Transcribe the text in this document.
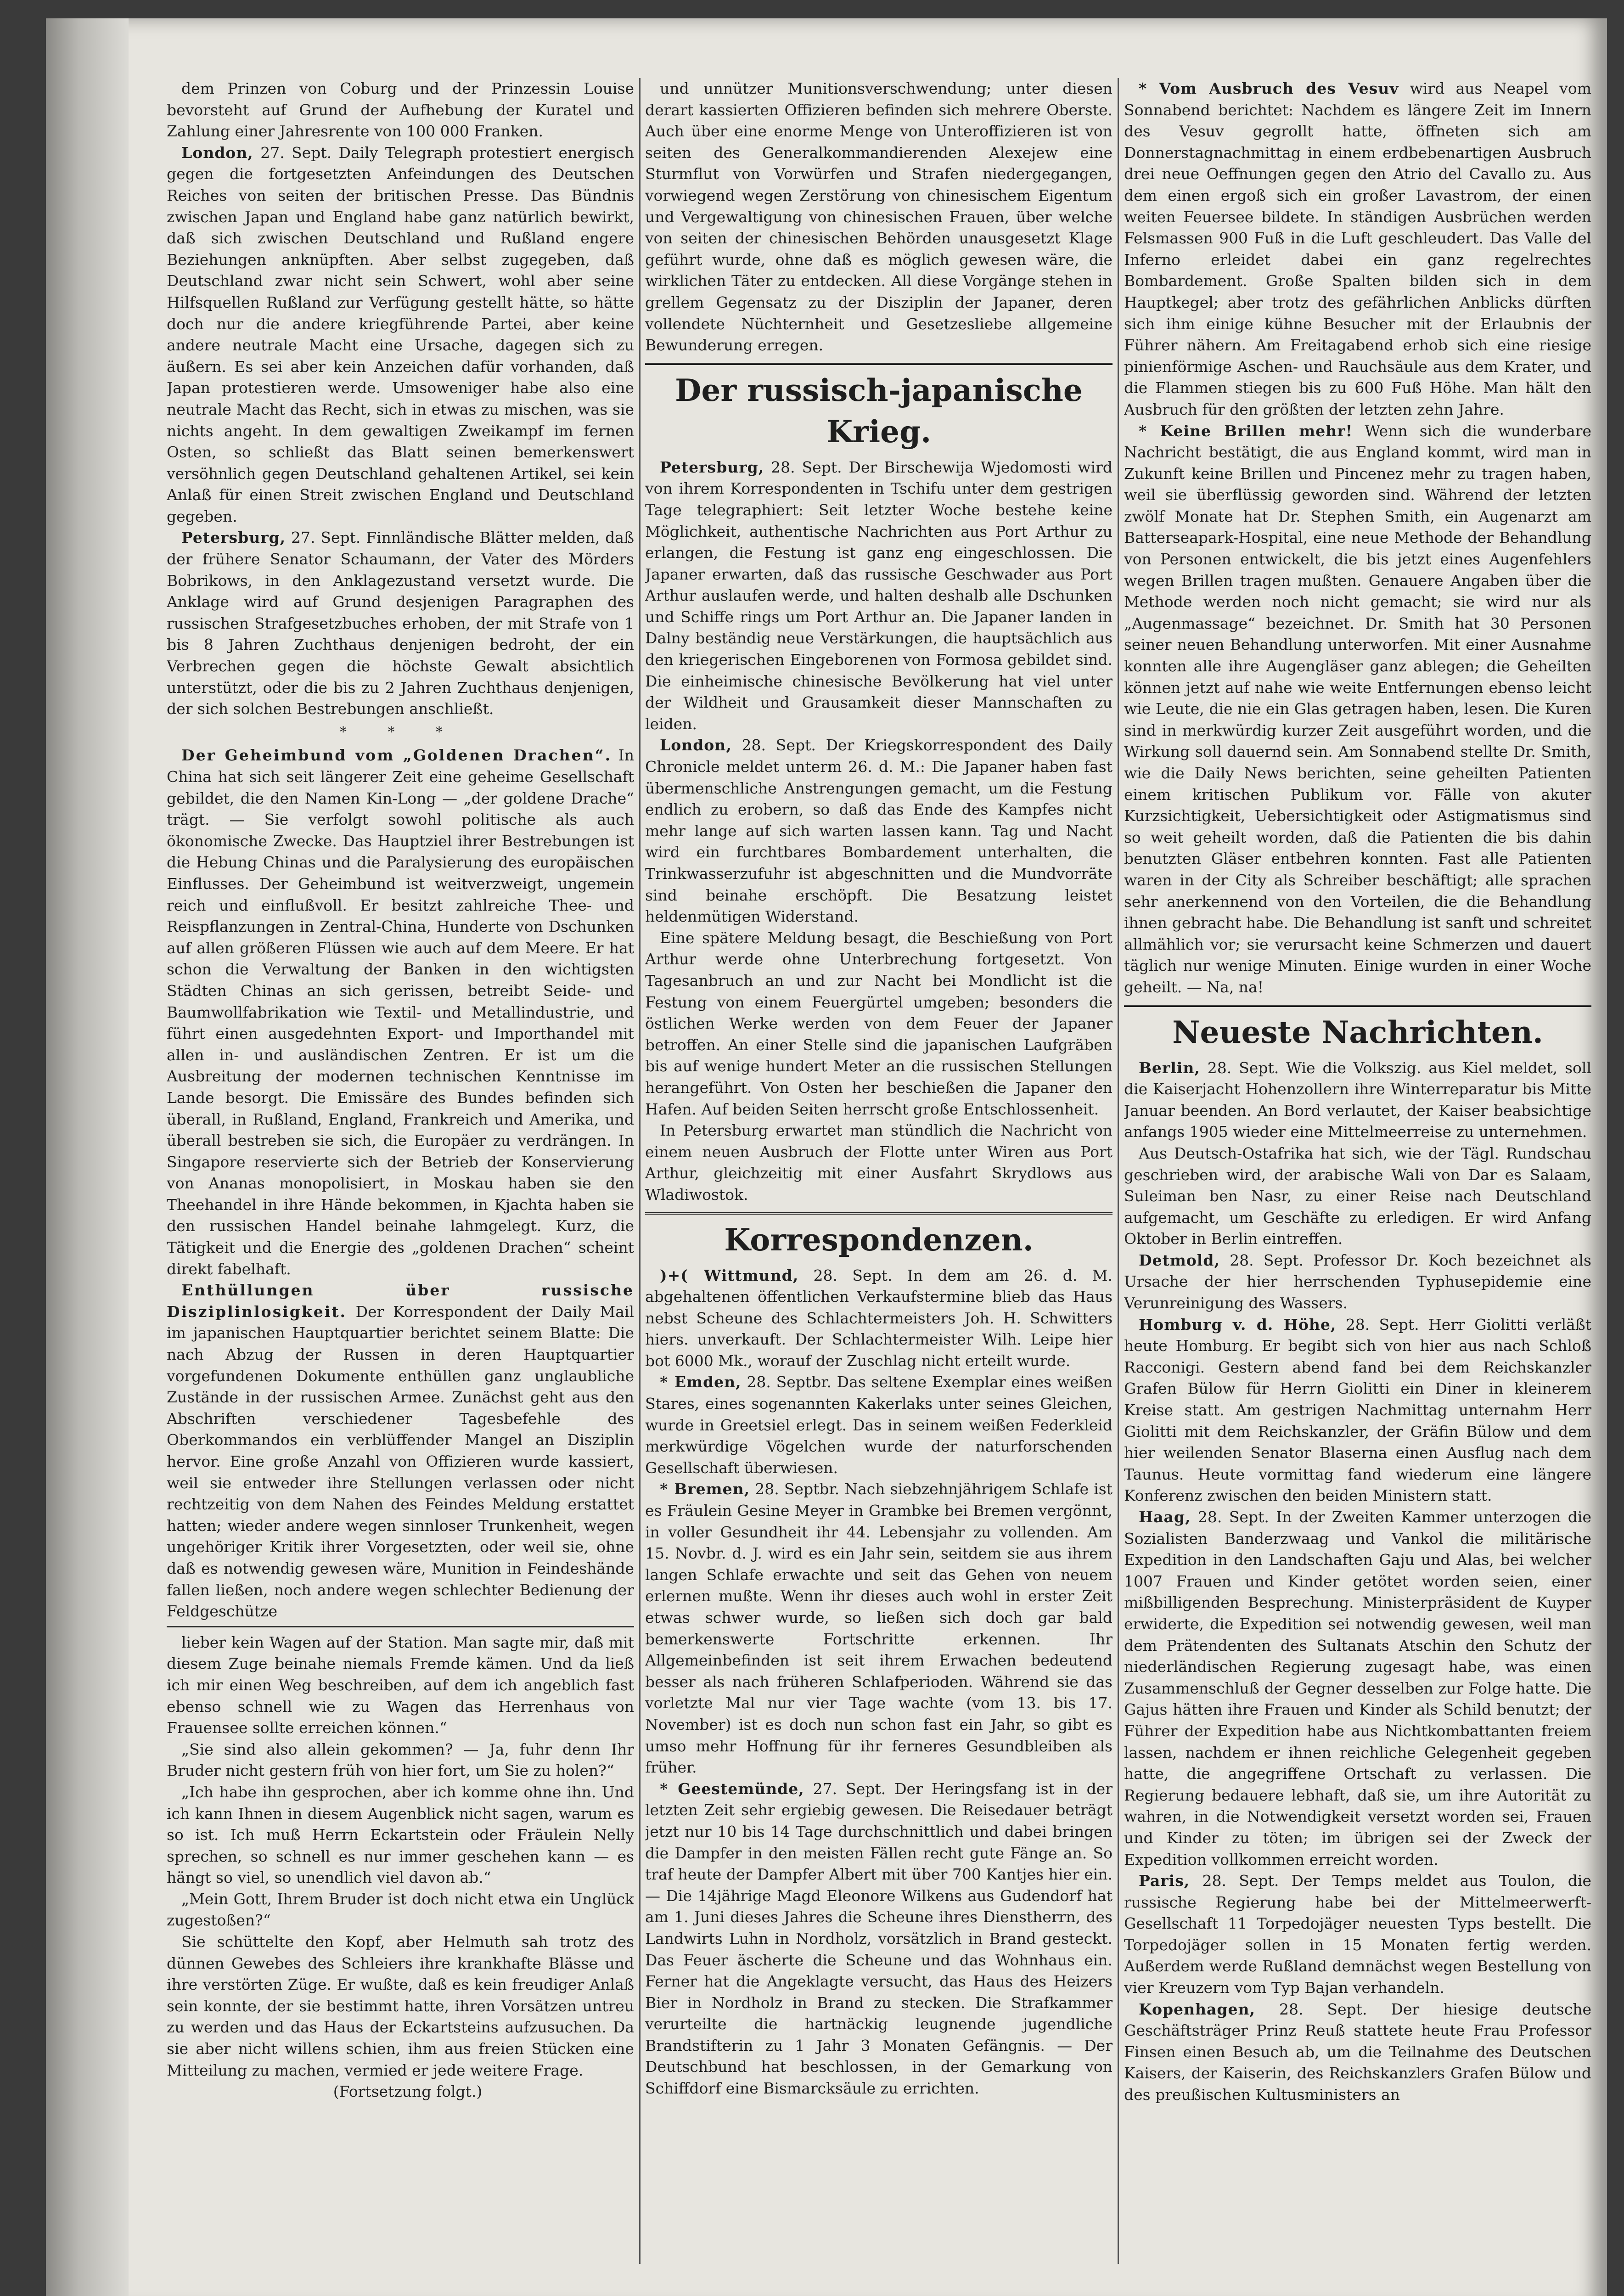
dem Prinzen von Coburg und der Prinzessin Louise bevorsteht auf Grund der Aufhebung der Kuratel und Zahlung einer Jahresrente von 100 000 Franken.

London, 27. Sept. Daily Telegraph protestiert energisch gegen die fortgesetzten Anfeindungen des Deutschen Reiches von seiten der britischen Presse. Das Bündnis zwischen Japan und England habe ganz natürlich bewirkt, daß sich zwischen Deutschland und Rußland engere Beziehungen anknüpften. Aber selbst zugegeben, daß Deutschland zwar nicht sein Schwert, wohl aber seine Hilfsquellen Rußland zur Verfügung gestellt hätte, so hätte doch nur die andere kriegführende Partei, aber keine andere neutrale Macht eine Ursache, dagegen sich zu äußern. Es sei aber kein Anzeichen dafür vorhanden, daß Japan protestieren werde. Umsoweniger habe also eine neutrale Macht das Recht, sich in etwas zu mischen, was sie nichts angeht. In dem gewaltigen Zweikampf im fernen Osten, so schließt das Blatt seinen bemerkenswert versöhnlich gegen Deutschland gehaltenen Artikel, sei kein Anlaß für einen Streit zwischen England und Deutschland gegeben.

Petersburg, 27. Sept. Finnländische Blätter melden, daß der frühere Senator Schaumann, der Vater des Mörders Bobrikows, in den Anklagezustand versetzt wurde. Die Anklage wird auf Grund desjenigen Paragraphen des russischen Strafgesetzbuches erhoben, der mit Strafe von 1 bis 8 Jahren Zuchthaus denjenigen bedroht, der ein Verbrechen gegen die höchste Gewalt absichtlich unterstützt, oder die bis zu 2 Jahren Zuchthaus denjenigen, der sich solchen Bestrebungen anschließt.

* * *

Der Geheimbund vom „Goldenen Drachen“. In China hat sich seit längerer Zeit eine geheime Gesellschaft gebildet, die den Namen Kin-Long — „der goldene Drache“ trägt. — Sie verfolgt sowohl politische als auch ökonomische Zwecke. Das Hauptziel ihrer Bestrebungen ist die Hebung Chinas und die Paralysierung des europäischen Einflusses. Der Geheimbund ist weitverzweigt, ungemein reich und einflußvoll. Er besitzt zahlreiche Thee- und Reispflanzungen in Zentral-China, Hunderte von Dschunken auf allen größeren Flüssen wie auch auf dem Meere. Er hat schon die Verwaltung der Banken in den wichtigsten Städten Chinas an sich gerissen, betreibt Seide- und Baumwollfabrikation wie Textil- und Metallindustrie, und führt einen ausgedehnten Export- und Importhandel mit allen in- und ausländischen Zentren. Er ist um die Ausbreitung der modernen technischen Kenntnisse im Lande besorgt. Die Emissäre des Bundes befinden sich überall, in Rußland, England, Frankreich und Amerika, und überall bestreben sie sich, die Europäer zu verdrängen. In Singapore reservierte sich der Betrieb der Konservierung von Ananas monopolisiert, in Moskau haben sie den Theehandel in ihre Hände bekommen, in Kjachta haben sie den russischen Handel beinahe lahmgelegt. Kurz, die Tätigkeit und die Energie des „goldenen Drachen“ scheint direkt fabelhaft.

Enthüllungen über russische Disziplinlosigkeit. Der Korrespondent der Daily Mail im japanischen Hauptquartier berichtet seinem Blatte: Die nach Abzug der Russen in deren Hauptquartier vorgefundenen Dokumente enthüllen ganz unglaubliche Zustände in der russischen Armee. Zunächst geht aus den Abschriften verschiedener Tagesbefehle des Oberkommandos ein verblüffender Mangel an Disziplin hervor. Eine große Anzahl von Offizieren wurde kassiert, weil sie entweder ihre Stellungen verlassen oder nicht rechtzeitig von dem Nahen des Feindes Meldung erstattet hatten; wieder andere wegen sinnloser Trunkenheit, wegen ungehöriger Kritik ihrer Vorgesetzten, oder weil sie, ohne daß es notwendig gewesen wäre, Munition in Feindeshände fallen ließen, noch andere wegen schlechter Bedienung der Feldgeschütze

lieber kein Wagen auf der Station. Man sagte mir, daß mit diesem Zuge beinahe niemals Fremde kämen. Und da ließ ich mir einen Weg beschreiben, auf dem ich angeblich fast ebenso schnell wie zu Wagen das Herrenhaus von Frauensee sollte erreichen können.“

„Sie sind also allein gekommen? — Ja, fuhr denn Ihr Bruder nicht gestern früh von hier fort, um Sie zu holen?“

„Ich habe ihn gesprochen, aber ich komme ohne ihn. Und ich kann Ihnen in diesem Augenblick nicht sagen, warum es so ist. Ich muß Herrn Eckartstein oder Fräulein Nelly sprechen, so schnell es nur immer geschehen kann — es hängt so viel, so unendlich viel davon ab.“

„Mein Gott, Ihrem Bruder ist doch nicht etwa ein Unglück zugestoßen?“

Sie schüttelte den Kopf, aber Helmuth sah trotz des dünnen Gewebes des Schleiers ihre krankhafte Blässe und ihre verstörten Züge. Er wußte, daß es kein freudiger Anlaß sein konnte, der sie bestimmt hatte, ihren Vorsätzen untreu zu werden und das Haus der Eckartsteins aufzusuchen. Da sie aber nicht willens schien, ihm aus freien Stücken eine Mitteilung zu machen, vermied er jede weitere Frage.

(Fortsetzung folgt.)

und unnützer Munitionsverschwendung; unter diesen derart kassierten Offizieren befinden sich mehrere Oberste. Auch über eine enorme Menge von Unteroffizieren ist von seiten des Generalkommandierenden Alexejew eine Sturmflut von Vorwürfen und Strafen niedergegangen, vorwiegend wegen Zerstörung von chinesischem Eigentum und Vergewaltigung von chinesischen Frauen, über welche von seiten der chinesischen Behörden unausgesetzt Klage geführt wurde, ohne daß es möglich gewesen wäre, die wirklichen Täter zu entdecken. All diese Vorgänge stehen in grellem Gegensatz zu der Disziplin der Japaner, deren vollendete Nüchternheit und Gesetzesliebe allgemeine Bewunderung erregen.

Der russisch-japanische Krieg.

Petersburg, 28. Sept. Der Birschewija Wjedomosti wird von ihrem Korrespondenten in Tschifu unter dem gestrigen Tage telegraphiert: Seit letzter Woche bestehe keine Möglichkeit, authentische Nachrichten aus Port Arthur zu erlangen, die Festung ist ganz eng eingeschlossen. Die Japaner erwarten, daß das russische Geschwader aus Port Arthur auslaufen werde, und halten deshalb alle Dschunken und Schiffe rings um Port Arthur an. Die Japaner landen in Dalny beständig neue Verstärkungen, die hauptsächlich aus den kriegerischen Eingeborenen von Formosa gebildet sind. Die einheimische chinesische Bevölkerung hat viel unter der Wildheit und Grausamkeit dieser Mannschaften zu leiden.

London, 28. Sept. Der Kriegskorrespondent des Daily Chronicle meldet unterm 26. d. M.: Die Japaner haben fast übermenschliche Anstrengungen gemacht, um die Festung endlich zu erobern, so daß das Ende des Kampfes nicht mehr lange auf sich warten lassen kann. Tag und Nacht wird ein furchtbares Bombardement unterhalten, die Trinkwasserzufuhr ist abgeschnitten und die Mundvorräte sind beinahe erschöpft. Die Besatzung leistet heldenmütigen Widerstand.

Eine spätere Meldung besagt, die Beschießung von Port Arthur werde ohne Unterbrechung fortgesetzt. Von Tagesanbruch an und zur Nacht bei Mondlicht ist die Festung von einem Feuergürtel umgeben; besonders die östlichen Werke werden von dem Feuer der Japaner betroffen. An einer Stelle sind die japanischen Laufgräben bis auf wenige hundert Meter an die russischen Stellungen herangeführt. Von Osten her beschießen die Japaner den Hafen. Auf beiden Seiten herrscht große Entschlossenheit.

In Petersburg erwartet man stündlich die Nachricht von einem neuen Ausbruch der Flotte unter Wiren aus Port Arthur, gleichzeitig mit einer Ausfahrt Skrydlows aus Wladiwostok.

Korrespondenzen.

)+( Wittmund, 28. Sept. In dem am 26. d. M. abgehaltenen öffentlichen Verkaufstermine blieb das Haus nebst Scheune des Schlachtermeisters Joh. H. Schwitters hiers. unverkauft. Der Schlachtermeister Wilh. Leipe hier bot 6000 Mk., worauf der Zuschlag nicht erteilt wurde.

* Emden, 28. Septbr. Das seltene Exemplar eines weißen Stares, eines sogenannten Kakerlaks unter seines Gleichen, wurde in Greetsiel erlegt. Das in seinem weißen Federkleid merkwürdige Vögelchen wurde der naturforschenden Gesellschaft überwiesen.

* Bremen, 28. Septbr. Nach siebzehnjährigem Schlafe ist es Fräulein Gesine Meyer in Grambke bei Bremen vergönnt, in voller Gesundheit ihr 44. Lebensjahr zu vollenden. Am 15. Novbr. d. J. wird es ein Jahr sein, seitdem sie aus ihrem langen Schlafe erwachte und seit das Gehen von neuem erlernen mußte. Wenn ihr dieses auch wohl in erster Zeit etwas schwer wurde, so ließen sich doch gar bald bemerkenswerte Fortschritte erkennen. Ihr Allgemeinbefinden ist seit ihrem Erwachen bedeutend besser als nach früheren Schlafperioden. Während sie das vorletzte Mal nur vier Tage wachte (vom 13. bis 17. November) ist es doch nun schon fast ein Jahr, so gibt es umso mehr Hoffnung für ihr ferneres Gesundbleiben als früher.

* Geestemünde, 27. Sept. Der Heringsfang ist in der letzten Zeit sehr ergiebig gewesen. Die Reisedauer beträgt jetzt nur 10 bis 14 Tage durchschnittlich und dabei bringen die Dampfer in den meisten Fällen recht gute Fänge an. So traf heute der Dampfer Albert mit über 700 Kantjes hier ein. — Die 14jährige Magd Eleonore Wilkens aus Gudendorf hat am 1. Juni dieses Jahres die Scheune ihres Dienstherrn, des Landwirts Luhn in Nordholz, vorsätzlich in Brand gesteckt. Das Feuer äscherte die Scheune und das Wohnhaus ein. Ferner hat die Angeklagte versucht, das Haus des Heizers Bier in Nordholz in Brand zu stecken. Die Strafkammer verurteilte die hartnäckig leugnende jugendliche Brandstifterin zu 1 Jahr 3 Monaten Gefängnis. — Der Deutschbund hat beschlossen, in der Gemarkung von Schiffdorf eine Bismarcksäule zu errichten.

* Vom Ausbruch des Vesuv wird aus Neapel vom Sonnabend berichtet: Nachdem es längere Zeit im Innern des Vesuv gegrollt hatte, öffneten sich am Donnerstagnachmittag in einem erdbebenartigen Ausbruch drei neue Oeffnungen gegen den Atrio del Cavallo zu. Aus dem einen ergoß sich ein großer Lavastrom, der einen weiten Feuersee bildete. In ständigen Ausbrüchen werden Felsmassen 900 Fuß in die Luft geschleudert. Das Valle del Inferno erleidet dabei ein ganz regelrechtes Bombardement. Große Spalten bilden sich in dem Hauptkegel; aber trotz des gefährlichen Anblicks dürften sich ihm einige kühne Besucher mit der Erlaubnis der Führer nähern. Am Freitagabend erhob sich eine riesige pinienförmige Aschen- und Rauchsäule aus dem Krater, und die Flammen stiegen bis zu 600 Fuß Höhe. Man hält den Ausbruch für den größten der letzten zehn Jahre.

* Keine Brillen mehr! Wenn sich die wunderbare Nachricht bestätigt, die aus England kommt, wird man in Zukunft keine Brillen und Pincenez mehr zu tragen haben, weil sie überflüssig geworden sind. Während der letzten zwölf Monate hat Dr. Stephen Smith, ein Augenarzt am Batterseapark-Hospital, eine neue Methode der Behandlung von Personen entwickelt, die bis jetzt eines Augenfehlers wegen Brillen tragen mußten. Genauere Angaben über die Methode werden noch nicht gemacht; sie wird nur als „Augenmassage“ bezeichnet. Dr. Smith hat 30 Personen seiner neuen Behandlung unterworfen. Mit einer Ausnahme konnten alle ihre Augengläser ganz ablegen; die Geheilten können jetzt auf nahe wie weite Entfernungen ebenso leicht wie Leute, die nie ein Glas getragen haben, lesen. Die Kuren sind in merkwürdig kurzer Zeit ausgeführt worden, und die Wirkung soll dauernd sein. Am Sonnabend stellte Dr. Smith, wie die Daily News berichten, seine geheilten Patienten einem kritischen Publikum vor. Fälle von akuter Kurzsichtigkeit, Uebersichtigkeit oder Astigmatismus sind so weit geheilt worden, daß die Patienten die bis dahin benutzten Gläser entbehren konnten. Fast alle Patienten waren in der City als Schreiber beschäftigt; alle sprachen sehr anerkennend von den Vorteilen, die die Behandlung ihnen gebracht habe. Die Behandlung ist sanft und schreitet allmählich vor; sie verursacht keine Schmerzen und dauert täglich nur wenige Minuten. Einige wurden in einer Woche geheilt. — Na, na!

Neueste Nachrichten.

Berlin, 28. Sept. Wie die Volkszig. aus Kiel meldet, soll die Kaiserjacht Hohenzollern ihre Winterreparatur bis Mitte Januar beenden. An Bord verlautet, der Kaiser beabsichtige anfangs 1905 wieder eine Mittelmeerreise zu unternehmen.

Aus Deutsch-Ostafrika hat sich, wie der Tägl. Rundschau geschrieben wird, der arabische Wali von Dar es Salaam, Suleiman ben Nasr, zu einer Reise nach Deutschland aufgemacht, um Geschäfte zu erledigen. Er wird Anfang Oktober in Berlin eintreffen.

Detmold, 28. Sept. Professor Dr. Koch bezeichnet als Ursache der hier herrschenden Typhusepidemie eine Verunreinigung des Wassers.

Homburg v. d. Höhe, 28. Sept. Herr Giolitti verläßt heute Homburg. Er begibt sich von hier aus nach Schloß Racconigi. Gestern abend fand bei dem Reichskanzler Grafen Bülow für Herrn Giolitti ein Diner in kleinerem Kreise statt. Am gestrigen Nachmittag unternahm Herr Giolitti mit dem Reichskanzler, der Gräfin Bülow und dem hier weilenden Senator Blaserna einen Ausflug nach dem Taunus. Heute vormittag fand wiederum eine längere Konferenz zwischen den beiden Ministern statt.

Haag, 28. Sept. In der Zweiten Kammer unterzogen die Sozialisten Banderzwaag und Vankol die militärische Expedition in den Landschaften Gaju und Alas, bei welcher 1007 Frauen und Kinder getötet worden seien, einer mißbilligenden Besprechung. Ministerpräsident de Kuyper erwiderte, die Expedition sei notwendig gewesen, weil man dem Prätendenten des Sultanats Atschin den Schutz der niederländischen Regierung zugesagt habe, was einen Zusammenschluß der Gegner desselben zur Folge hatte. Die Gajus hätten ihre Frauen und Kinder als Schild benutzt; der Führer der Expedition habe aus Nichtkombattanten freiem lassen, nachdem er ihnen reichliche Gelegenheit gegeben hatte, die angegriffene Ortschaft zu verlassen. Die Regierung bedauere lebhaft, daß sie, um ihre Autorität zu wahren, in die Notwendigkeit versetzt worden sei, Frauen und Kinder zu töten; im übrigen sei der Zweck der Expedition vollkommen erreicht worden.

Paris, 28. Sept. Der Temps meldet aus Toulon, die russische Regierung habe bei der Mittelmeerwerft-Gesellschaft 11 Torpedojäger neuesten Typs bestellt. Die Torpedojäger sollen in 15 Monaten fertig werden. Außerdem werde Rußland demnächst wegen Bestellung von vier Kreuzern vom Typ Bajan verhandeln.

Kopenhagen, 28. Sept. Der hiesige deutsche Geschäftsträger Prinz Reuß stattete heute Frau Professor Finsen einen Besuch ab, um die Teilnahme des Deutschen Kaisers, der Kaiserin, des Reichskanzlers Grafen Bülow und des preußischen Kultusministers an
